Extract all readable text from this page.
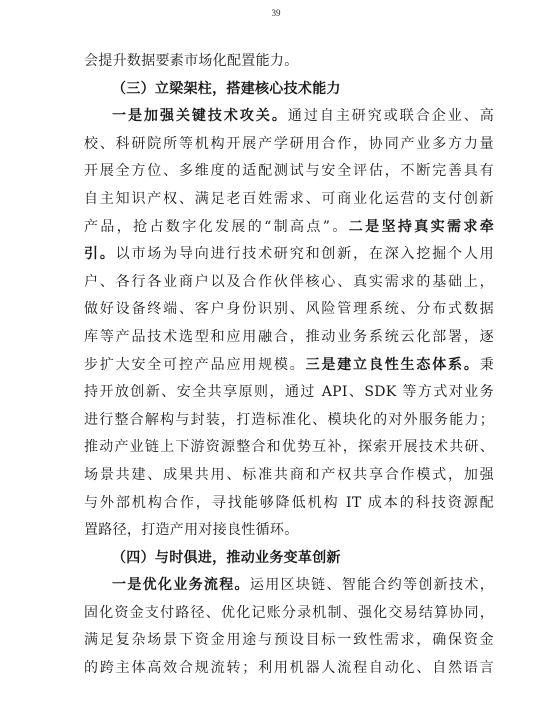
39
会提升数据要素市场化配置能力。
（三）立梁架柱，搭建核心技术能力
一是加强关键技术攻关。通过自主研究或联合企业、高
校、科研院所等机构开展产学研用合作，协同产业多方力量
开展全方位、多维度的适配测试与安全评估，不断完善具有
自主知识产权、满足老百姓需求、可商业化运营的支付创新
产品，抢占数字化发展的“制高点”。二是坚持真实需求牵
引。以市场为导向进行技术研究和创新，在深入挖掘个人用
户、各行各业商户以及合作伙伴核心、真实需求的基础上，
做好设备终端、客户身份识别、风险管理系统、分布式数据
库等产品技术选型和应用融合，推动业务系统云化部署，逐
步扩大安全可控产品应用规模。三是建立良性生态体系。秉
持开放创新、安全共享原则，通过 API、SDK 等方式对业务
进行整合解构与封装，打造标准化、模块化的对外服务能力；
推动产业链上下游资源整合和优势互补，探索开展技术共研、
场景共建、成果共用、标准共商和产权共享合作模式，加强
与外部机构合作，寻找能够降低机构 IT 成本的科技资源配
置路径，打造产用对接良性循环。
（四）与时俱进，推动业务变革创新
一是优化业务流程。运用区块链、智能合约等创新技术，
固化资金支付路径、优化记账分录机制、强化交易结算协同，
满足复杂场景下资金用途与预设目标一致性需求，确保资金
的跨主体高效合规流转；利用机器人流程自动化、自然语言
